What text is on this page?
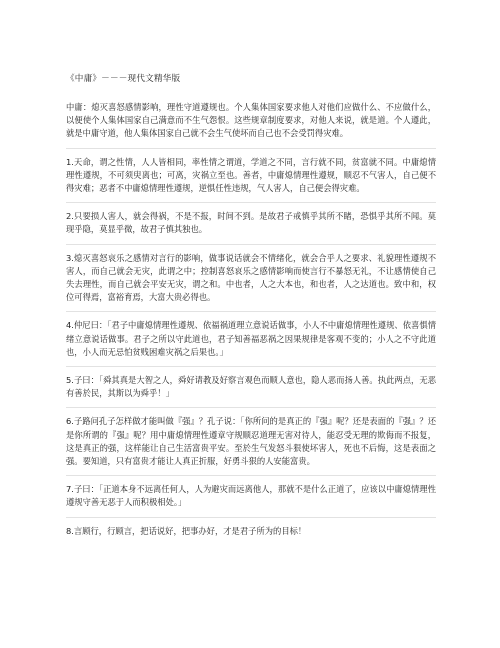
《中庸》－－－现代文精华版

中庸：熄灭喜怒感情影响，理性守道遵规也。个人集体国家要求他人对他们应做什么、不应做什么，以便使个人集体国家自己满意而不生气怨恨。这些规章制度要求，对他人来说，就是道。个人遵此，就是中庸守道，他人集体国家自己就不会生气使坏而自己也不会受罚得灾难。

1.天命，谓之性情，人人皆相同，率性情之谓道，学道之不同，言行就不同，贫富就不同。中庸熄情理性遵规，不可须臾离也；可离，灾祸立至也。善者，中庸熄情理性遵规，顺忍不气害人，自己便不得灾难；恶者不中庸熄情理性遵规，逆惧任性违规，气人害人，自己便会得灾难。

2.只要损人害人，就会得祸，不是不报，时间不到。是故君子戒慎乎其所不睹，恐惧乎其所不闻。莫现乎隐，莫显乎微，故君子慎其独也。

3.熄灭喜怒哀乐之感情对言行的影响，做事说话就会不情绪化，就会合乎人之要求、礼貌理性遵规不害人，而自己就会无灾，此谓之中；控制喜怒哀乐之感情影响而使言行不暴怒无礼，不让感情使自己失去理性，而自己就会平安无灾，谓之和。中也者，人之大本也，和也者，人之达道也。致中和，权位可得焉，富裕育焉，大富大贵必得也。

4.仲尼曰：「君子中庸熄情理性遵规、依福祸道理立意说话做事，小人不中庸熄情理性遵规、依喜惧情绪立意说话做事。君子之所以守此道也，君子知善福恶祸之因果规律是客观不变的；小人之不守此道也，小人而无忌怕贫贱困难灾祸之后果也。」

5.子曰：「舜其真是大智之人，舜好请教及好察言观色而顺人意也，隐人恶而扬人善。执此两点，无恶有善於民，其斯以为舜乎！」

6.子路问孔子怎样做才能叫做『强』？孔子说：「你所问的是真正的『强』呢？还是表面的『强』？还是你所谓的『强』呢？用中庸熄情理性遵章守规顺忍道理无害对待人，能忍受无理的欺侮而不报复，这是真正的强，这样能让自己生活富贵平安。至於生气发怒斗狠使坏害人，死也不后悔，这是表面之强。要知道，只有富贵才能让人真正折服，好勇斗狠的人安能富贵。

7.子曰：「正道本身不远离任何人，人为避灾而远离他人，那就不是什么正道了，应该以中庸熄情理性遵规守善无恶于人而积极相处。」

8.言顾行，行顾言，把话说好，把事办好，才是君子所为的目标！
